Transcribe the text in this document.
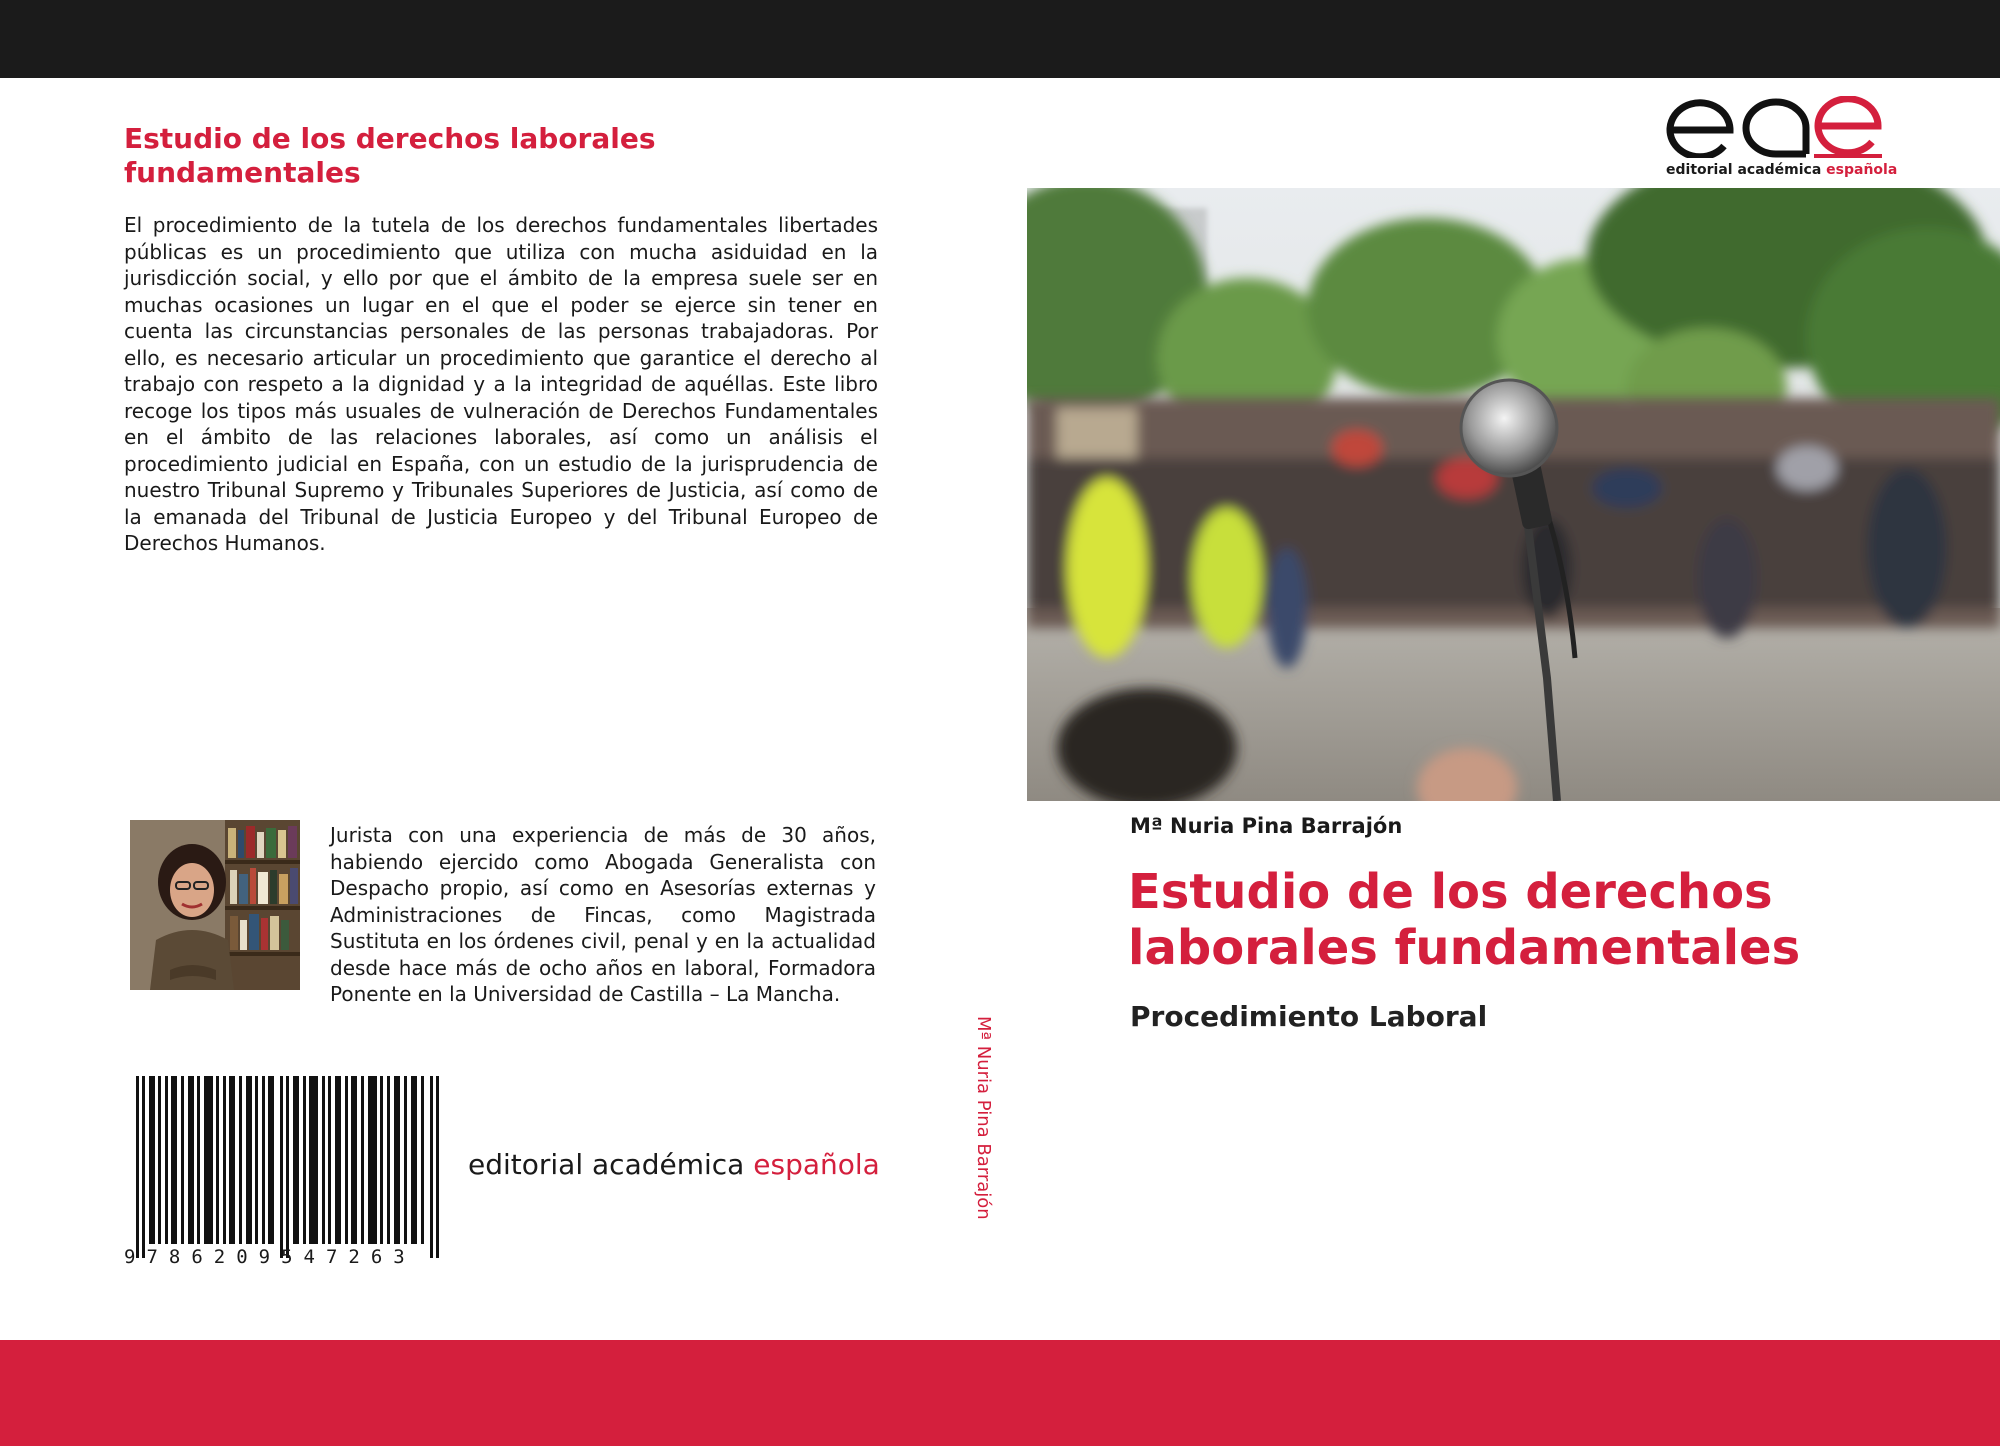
Estudio de los derechos laborales fundamentales

El procedimiento de la tutela de los derechos fundamentales libertades públicas es un procedimiento que utiliza con mucha asiduidad en la jurisdicción social, y ello por que el ámbito de la empresa suele ser en muchas ocasiones un lugar en el que el poder se ejerce sin tener en cuenta las circunstancias personales de las personas trabajadoras. Por ello, es necesario articular un procedimiento que garantice el derecho al trabajo con respeto a la dignidad y a la integridad de aquéllas. Este libro recoge los tipos más usuales de vulneración de Derechos Fundamentales en el ámbito de las relaciones laborales, así como un análisis el procedimiento judicial en España, con un estudio de la jurisprudencia de nuestro Tribunal Supremo y Tribunales Superiores de Justicia, así como de la emanada del Tribunal de Justicia Europeo y del Tribunal Europeo de Derechos Humanos.

Jurista con una experiencia de más de 30 años, habiendo ejercido como Abogada Generalista con Despacho propio, así como en Asesorías externas y Administraciones de Fincas, como Magistrada Sustituta en los órdenes civil, penal y en la actualidad desde hace más de ocho años en laboral, Formadora Ponente en la Universidad de Castilla – La Mancha.

9786209547263

editorial académica española	Mª Nuria Pina Barrajón

editorial académica española

Mª Nuria Pina Barrajón

Estudio de los derechos laborales fundamentales

Procedimiento Laboral
